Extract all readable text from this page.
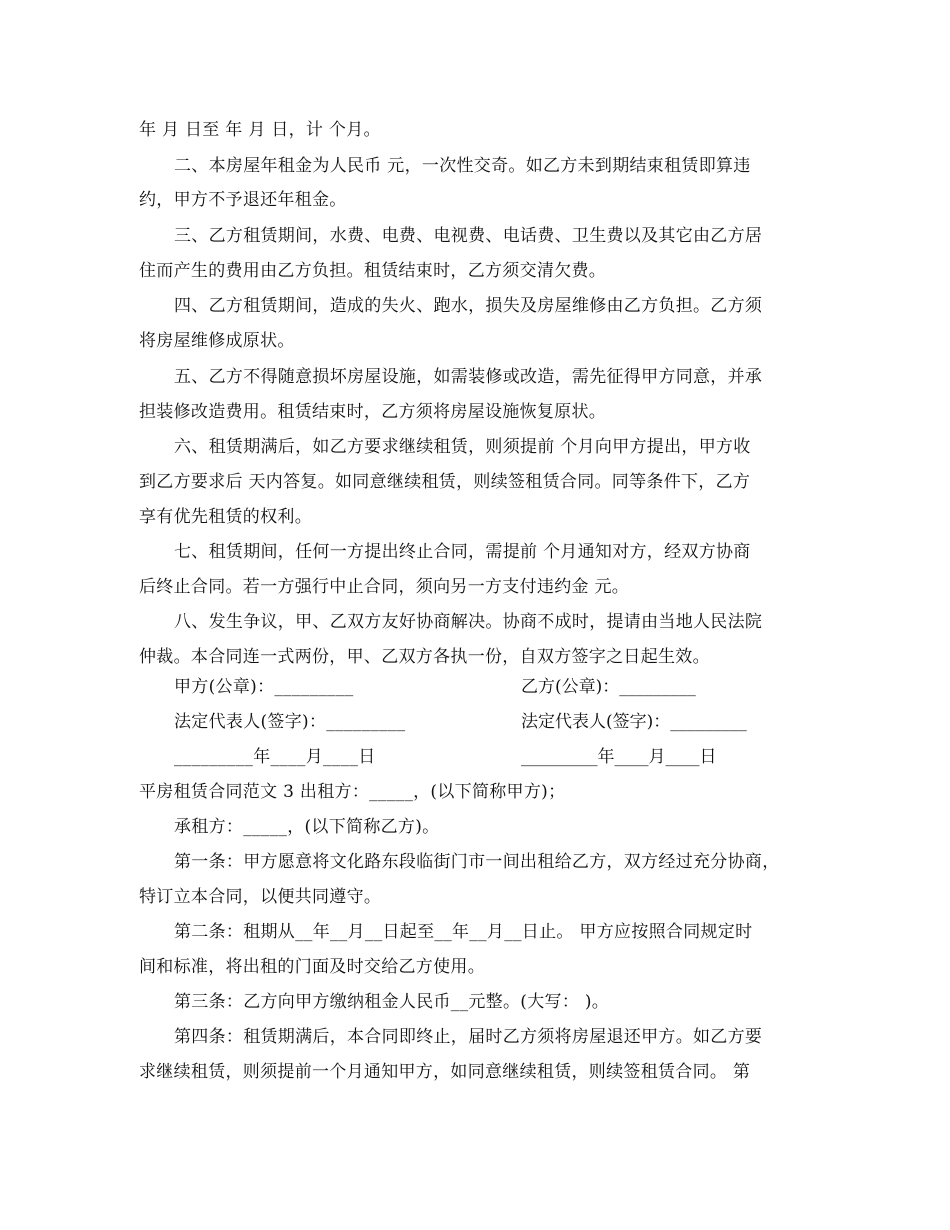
年 月 日至 年 月 日，计 个月。
二、本房屋年租金为人民币 元，一次性交奇。如乙方未到期结束租赁即算违
约，甲方不予退还年租金。
三、乙方租赁期间，水费、电费、电视费、电话费、卫生费以及其它由乙方居
住而产生的费用由乙方负担。租赁结束时，乙方须交清欠费。
四、乙方租赁期间，造成的失火、跑水，损失及房屋维修由乙方负担。乙方须
将房屋维修成原状。
五、乙方不得随意损坏房屋设施，如需装修或改造，需先征得甲方同意，并承
担装修改造费用。租赁结束时，乙方须将房屋设施恢复原状。
六、租赁期满后，如乙方要求继续租赁，则须提前 个月向甲方提出，甲方收
到乙方要求后 天内答复。如同意继续租赁，则续签租赁合同。同等条件下，乙方
享有优先租赁的权利。
七、租赁期间，任何一方提出终止合同，需提前 个月通知对方，经双方协商
后终止合同。若一方强行中止合同，须向另一方支付违约金 元。
八、发生争议，甲、乙双方友好协商解决。协商不成时，提请由当地人民法院
仲裁。本合同连一式两份，甲、乙双方各执一份，自双方签字之日起生效。
甲方(公章)：_________	乙方(公章)：_________
法定代表人(签字)：_________	法定代表人(签字)：_________
_________年____月____日	_________年____月____日
平房租赁合同范文 3 出租方：_____，(以下简称甲方)；
承租方：_____，(以下简称乙方)。
第一条：甲方愿意将文化路东段临街门市一间出租给乙方，双方经过充分协商，
特订立本合同，以便共同遵守。
第二条：租期从__年__月__日起至__年__月__日止。 甲方应按照合同规定时
间和标准，将出租的门面及时交给乙方使用。
第三条：乙方向甲方缴纳租金人民币__元整。(大写： )。
第四条：租赁期满后，本合同即终止，届时乙方须将房屋退还甲方。如乙方要
求继续租赁，则须提前一个月通知甲方，如同意继续租赁，则续签租赁合同。 第
